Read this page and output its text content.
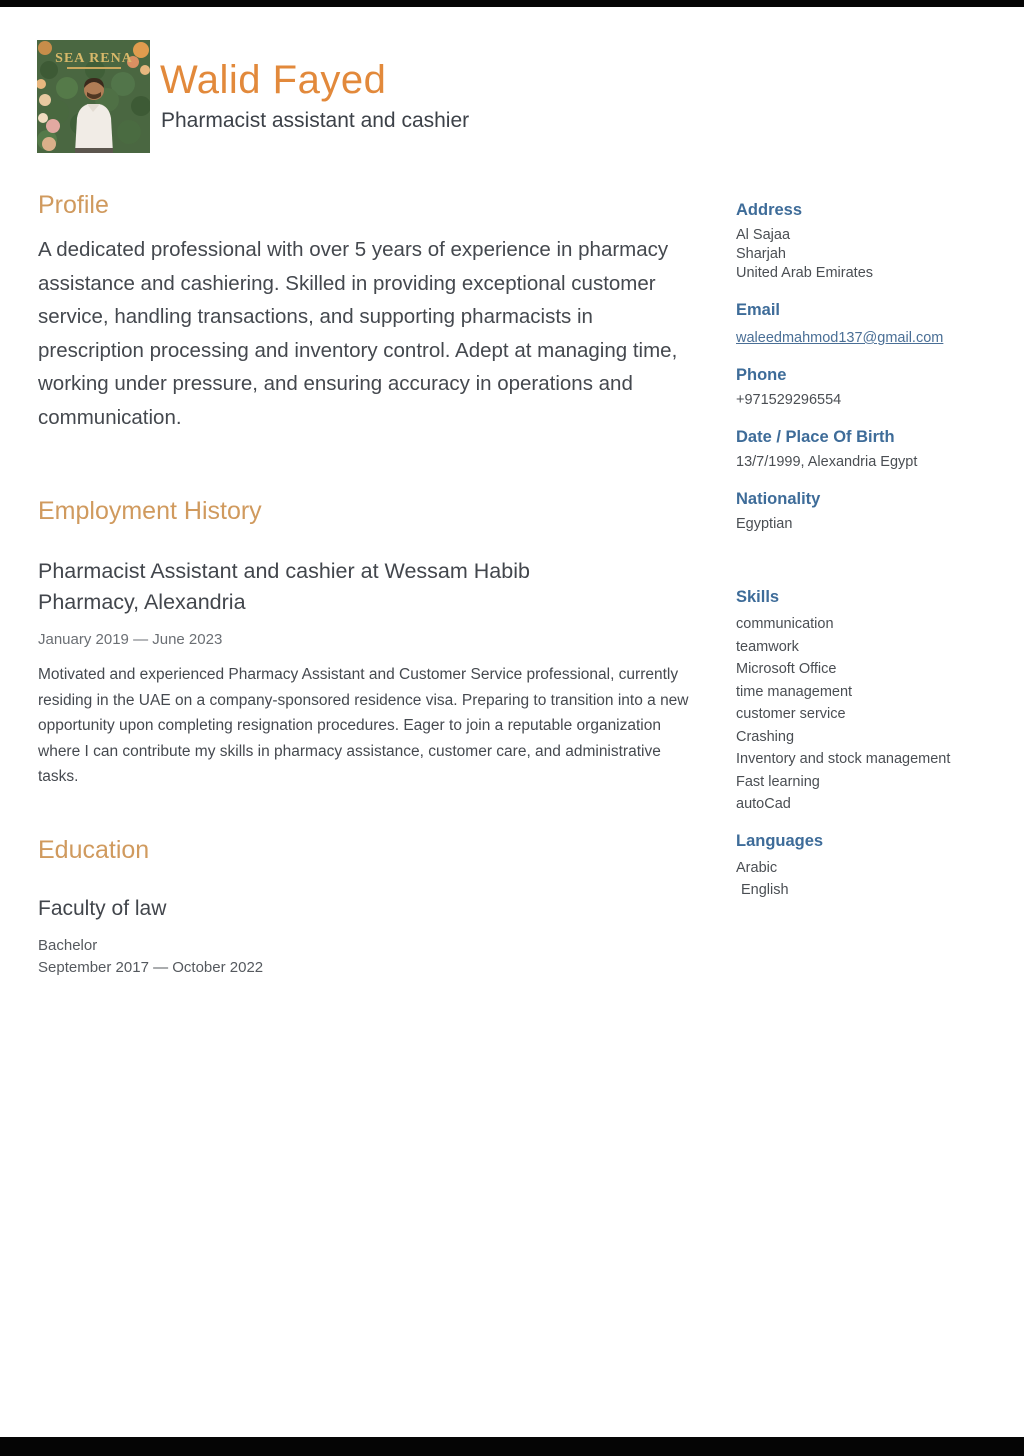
SEA RENA Walid Fayed
Pharmacist assistant and cashier
Profile

A dedicated professional with over 5 years of experience in pharmacy assistance and cashiering. Skilled in providing exceptional customer service, handling transactions, and supporting pharmacists in prescription processing and inventory control. Adept at managing time, working under pressure, and ensuring accuracy in operations and communication.

Employment History
Pharmacist Assistant and cashier at Wessam Habib Pharmacy, Alexandria
January 2019 — June 2023

Motivated and experienced Pharmacy Assistant and Customer Service professional, currently residing in the UAE on a company-sponsored residence visa. Preparing to transition into a new opportunity upon completing resignation procedures. Eager to join a reputable organization where I can contribute my skills in pharmacy assistance, customer care, and administrative tasks.

Education
Faculty of law
Bachelor
September 2017 — October 2022
Address
Al Sajaa
Sharjah
United Arab Emirates
Email
waleedmahmod137@gmail.com
Phone
+971529296554
Date / Place Of Birth
13/7/1999, Alexandria Egypt
Nationality
Egyptian
Skills
communication
teamwork
Microsoft Office
time management
customer service
Crashing
Inventory and stock management
Fast learning
autoCad
Languages
Arabic
English
